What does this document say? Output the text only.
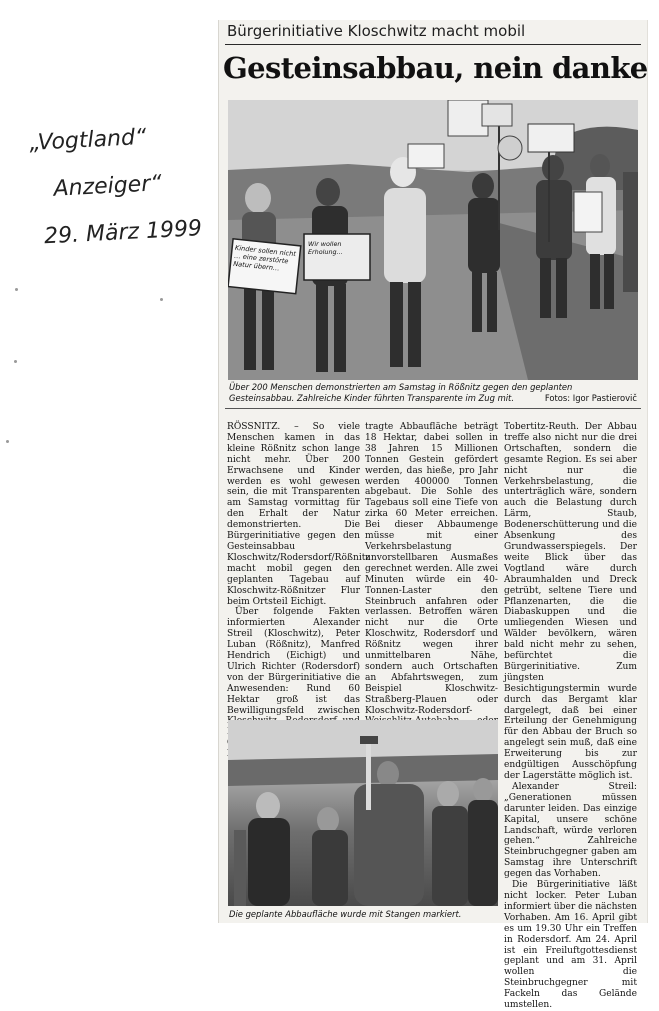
„Vogtland“
Anzeiger“
29. März 1999
Bürgerinitiative Kloschwitz macht mobil
Gesteinsabbau, nein danke
Kinder sollen nicht … eine zerstörte Natur übern…
Wir wollen Erholung…
Über 200 Menschen demonstrierten am Samstag in Rößnitz gegen den geplanten Gesteinsabbau. Zahlreiche Kinder führten Transparente im Zug mit.	Fotos: Igor Pastierovič

RÖSSNITZ. – So viele Menschen kamen in das kleine Rößnitz schon lange nicht mehr. Über 200 Erwachsene und Kinder werden es wohl gewesen sein, die mit Transparenten am Samstag vormittag für den Erhalt der Natur demonstrierten. Die Bürgerinitiative gegen den Gesteinsabbau Kloschwitz/Rodersdorf/Rößnitz macht mobil gegen den geplanten Tagebau auf Kloschwitz-Rößnitzer Flur beim Ortsteil Eichigt.

Über folgende Fakten informierten Alexander Streil (Kloschwitz), Peter Luban (Rößnitz), Manfred Hendrich (Eichigt) und Ulrich Richter (Rodersdorf) von der Bürgerinitiative die Anwesenden: Rund 60 Hektar groß ist das Bewilligungsfeld zwischen

tragte Abbaufläche beträgt 18 Hektar, dabei sollen in 38 Jahren 15 Millionen Tonnen Gestein gefördert werden, das hieße, pro Jahr werden 400000 Tonnen abgebaut. Die Sohle des Tagebaus soll eine Tiefe von zirka 60 Meter erreichen. Bei dieser Abbaumenge müsse mit einer Verkehrsbelastung unvorstellbaren Ausmaßes gerechnet werden. Alle zwei Minuten würde ein 40-Tonnen-Laster den Steinbruch anfahren oder verlassen. Betroffen wären nicht nur die Orte Kloschwitz, Rodersdorf und Rößnitz wegen ihrer unmittelbaren Nähe, sondern auch Ortschaften an Abfahrtswegen, zum Beispiel Kloschwitz-Straßberg-Plauen oder Kloschwitz-Rodersdorf-

Tobertitz-Reuth. Der Abbau treffe also nicht nur die drei Ortschaften, sondern die gesamte Region. Es sei aber nicht nur die Verkehrsbelastung, die unterträglich wäre, sondern auch die Belastung durch Lärm, Staub, Bodenerschütterung und die Absenkung des Grundwasserspiegels. Der weite Blick über das Vogtland wäre durch Abraumhalden und Dreck getrübt, seltene Tiere und Pflanzenarten, die die Diabaskuppen und die umliegenden Wiesen und Wälder bevölkern, wären bald nicht mehr zu sehen, befürchtet die Bürgerinitiative. Zum jüngsten Besichtigungstermin wurde durch das Bergamt klar dargelegt, daß bei einer Erteilung der Genehmigung für den Abbau der Bruch so angelegt sein muß, daß eine Erweiterung bis zur endgültigen Ausschöpfung der Lagerstätte möglich ist.

Alexander Streil: „Generationen müssen darunter leiden. Das einzige Kapital, unsere schöne Landschaft, würde verloren gehen.“ Zahlreiche Steinbruchgegner gaben am Samstag ihre Unterschrift gegen das Vorhaben.

Die Bürgerinitiative läßt nicht locker. Peter Luban informiert über die nächsten Vorhaben. Am 16. April gibt es um 19.30 Uhr ein Treffen in Rodersdorf. Am 24. April ist ein Freiluftgottesdienst geplant und am 31. April wollen die Steinbruchgegner mit Fackeln das Gelände umstellen.

Die geplante Abbaufläche wurde mit Stangen markiert.
